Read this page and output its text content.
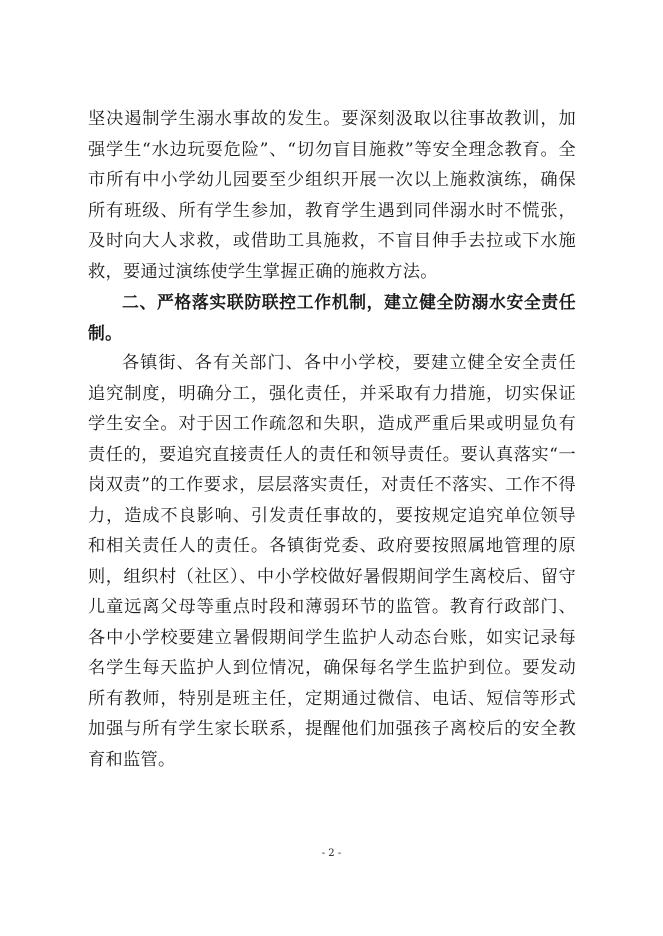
坚决遏制学生溺水事故的发生。要深刻汲取以往事故教训，加强学生“水边玩耍危险”、“切勿盲目施救”等安全理念教育。全市所有中小学幼儿园要至少组织开展一次以上施救演练，确保所有班级、所有学生参加，教育学生遇到同伴溺水时不慌张，及时向大人求救，或借助工具施救，不盲目伸手去拉或下水施救，要通过演练使学生掌握正确的施救方法。

二、严格落实联防联控工作机制，建立健全防溺水安全责任制。

各镇街、各有关部门、各中小学校，要建立健全安全责任追究制度，明确分工，强化责任，并采取有力措施，切实保证学生安全。对于因工作疏忽和失职，造成严重后果或明显负有责任的，要追究直接责任人的责任和领导责任。要认真落实“一岗双责”的工作要求，层层落实责任，对责任不落实、工作不得力，造成不良影响、引发责任事故的，要按规定追究单位领导和相关责任人的责任。各镇街党委、政府要按照属地管理的原则，组织村（社区）、中小学校做好暑假期间学生离校后、留守儿童远离父母等重点时段和薄弱环节的监管。教育行政部门、各中小学校要建立暑假期间学生监护人动态台账，如实记录每名学生每天监护人到位情况，确保每名学生监护到位。要发动所有教师，特别是班主任，定期通过微信、电话、短信等形式加强与所有学生家长联系，提醒他们加强孩子离校后的安全教育和监管。

- 2 -
